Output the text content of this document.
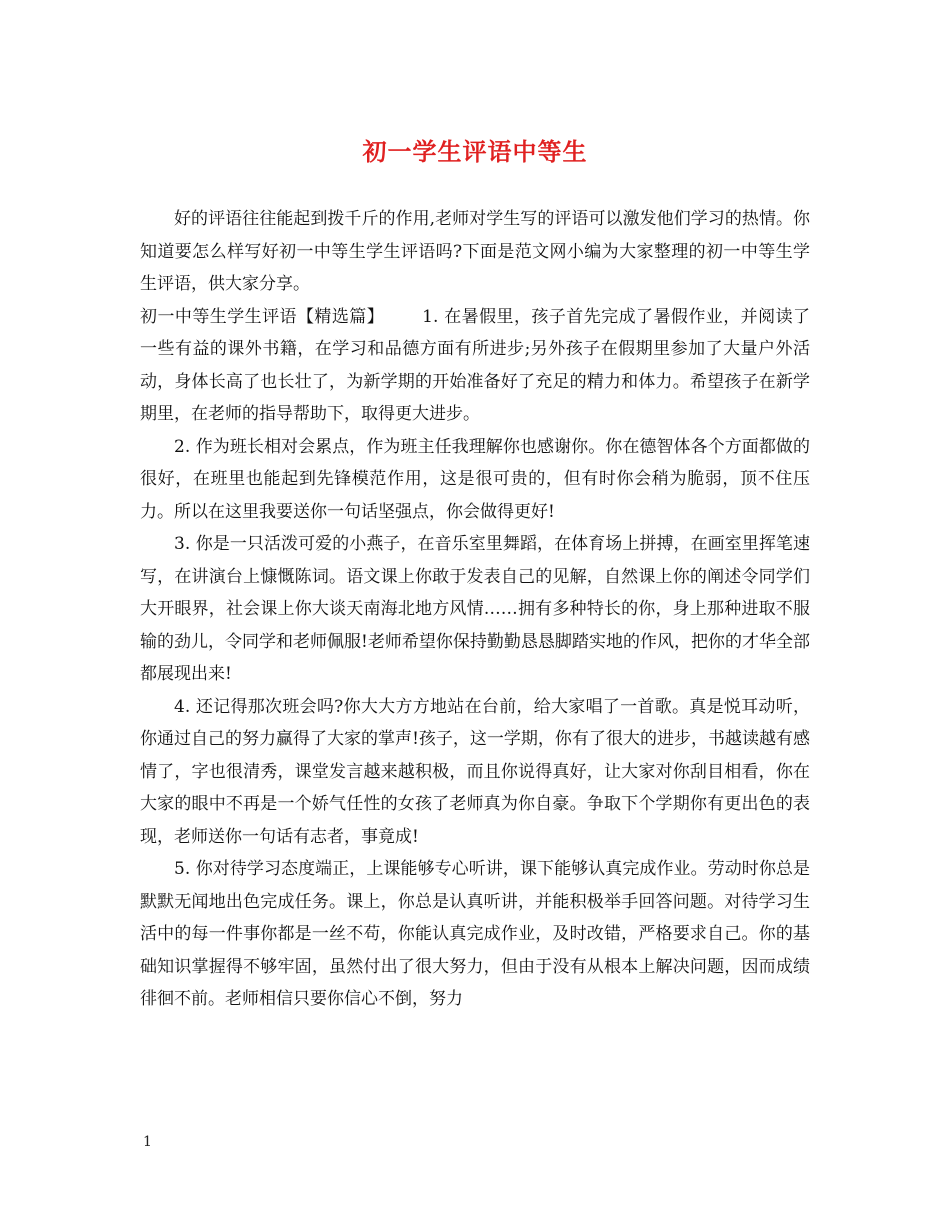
初一学生评语中等生

好的评语往往能起到拨千斤的作用,老师对学生写的评语可以激发他们学习的热情。你知道要怎么样写好初一中等生学生评语吗?下面是范文网小编为大家整理的初一中等生学生评语，供大家分享。

初一中等生学生评语【精选篇】 1. 在暑假里，孩子首先完成了暑假作业，并阅读了一些有益的课外书籍，在学习和品德方面有所进步;另外孩子在假期里参加了大量户外活动，身体长高了也长壮了，为新学期的开始准备好了充足的精力和体力。希望孩子在新学期里，在老师的指导帮助下，取得更大进步。

2. 作为班长相对会累点，作为班主任我理解你也感谢你。你在德智体各个方面都做的很好，在班里也能起到先锋模范作用，这是很可贵的，但有时你会稍为脆弱，顶不住压力。所以在这里我要送你一句话坚强点，你会做得更好!

3. 你是一只活泼可爱的小燕子，在音乐室里舞蹈，在体育场上拼搏，在画室里挥笔速写，在讲演台上慷慨陈词。语文课上你敢于发表自己的见解，自然课上你的阐述令同学们大开眼界，社会课上你大谈天南海北地方风情……拥有多种特长的你，身上那种进取不服输的劲儿，令同学和老师佩服!老师希望你保持勤勤恳恳脚踏实地的作风，把你的才华全部都展现出来!

4. 还记得那次班会吗?你大大方方地站在台前，给大家唱了一首歌。真是悦耳动听，你通过自己的努力赢得了大家的掌声!孩子，这一学期，你有了很大的进步，书越读越有感情了，字也很清秀，课堂发言越来越积极，而且你说得真好，让大家对你刮目相看，你在大家的眼中不再是一个娇气任性的女孩了老师真为你自豪。争取下个学期你有更出色的表现，老师送你一句话有志者，事竟成!

5. 你对待学习态度端正，上课能够专心听讲，课下能够认真完成作业。劳动时你总是默默无闻地出色完成任务。课上，你总是认真听讲，并能积极举手回答问题。对待学习生活中的每一件事你都是一丝不苟，你能认真完成作业，及时改错，严格要求自己。你的基础知识掌握得不够牢固，虽然付出了很大努力，但由于没有从根本上解决问题，因而成绩徘徊不前。老师相信只要你信心不倒，努力

1
